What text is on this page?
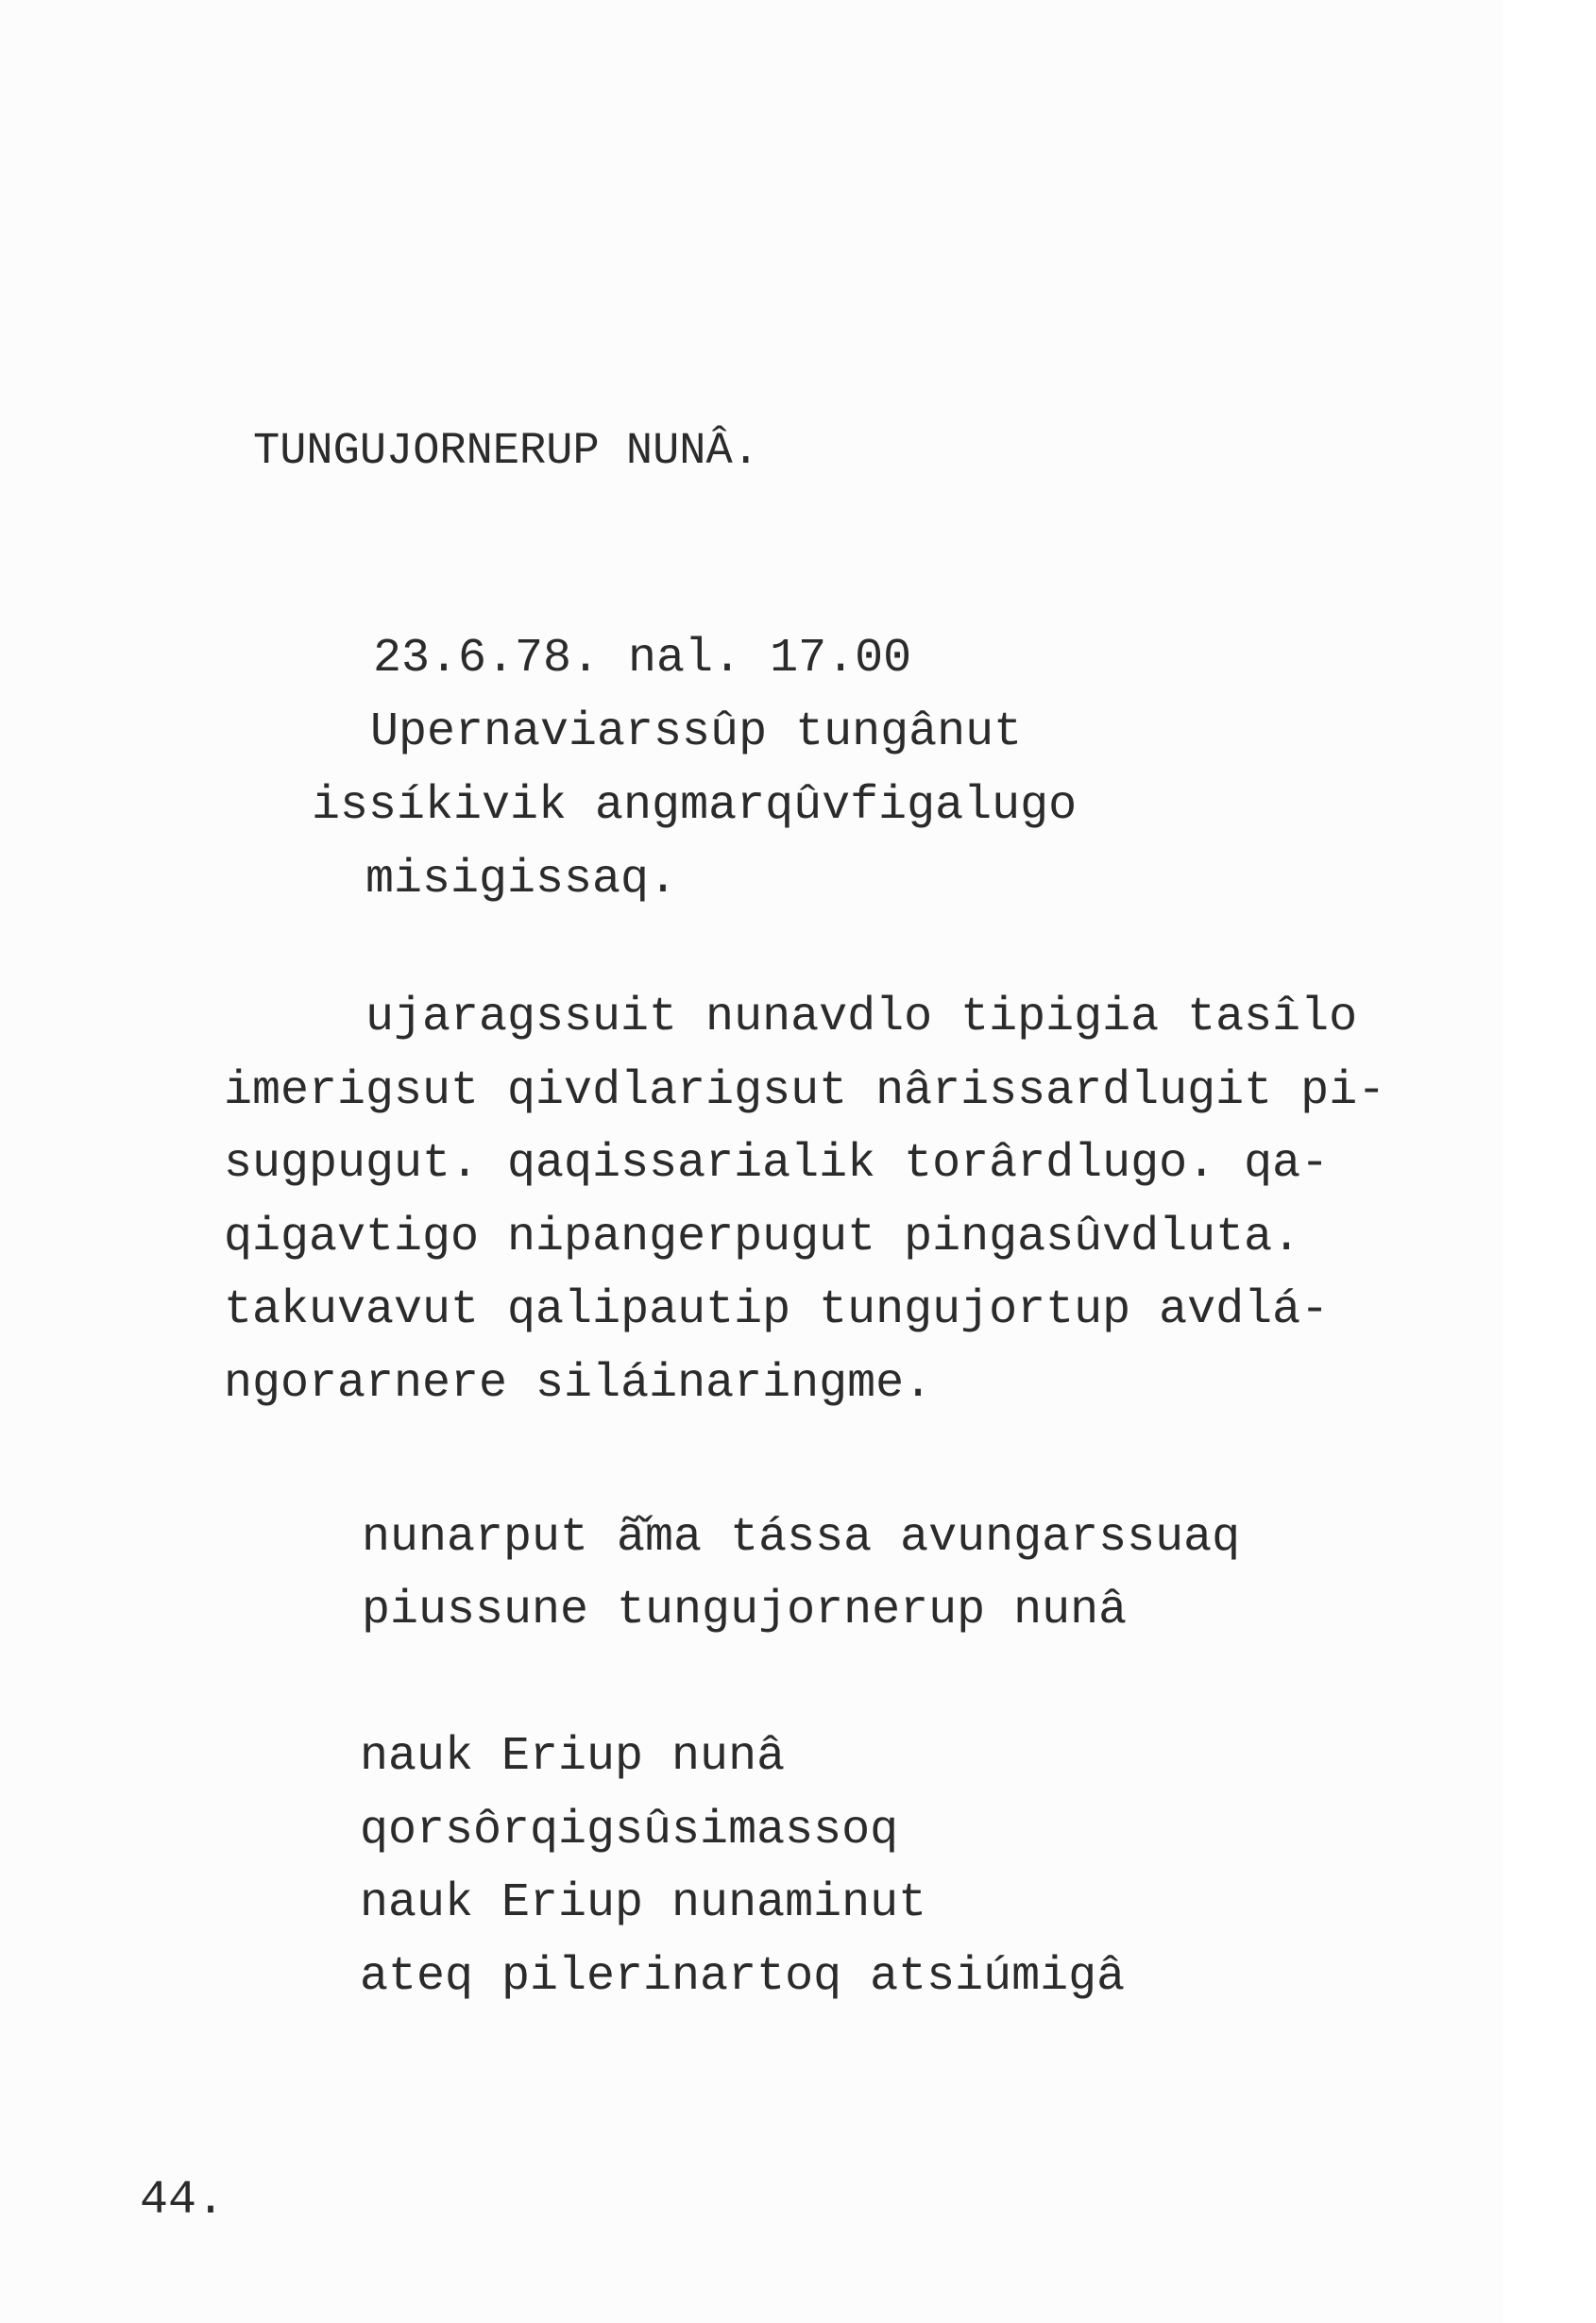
TUNGUJORNERUP NUNÂ.
23.6.78. nal. 17.00
Upernaviarssûp tungânut
issíkivik angmarqûvfigalugo
misigissaq.
ujaragssuit nunavdlo tipigia tasîlo
imerigsut qivdlarigsut nârissardlugit pi-
sugpugut. qaqissarialik torârdlugo. qa-
qigavtigo nipangerpugut pingasûvdluta.
takuvavut qalipautip tungujortup avdlá-
ngorarnere siláinaringme.
nunarput ã̌ma tássa avungarssuaq
piussune tungujornerup nunâ
nauk Eriup nunâ
qorsôrqigsûsimassoq
nauk Eriup nunaminut
ateq pilerinartoq atsiúmigâ
44.
